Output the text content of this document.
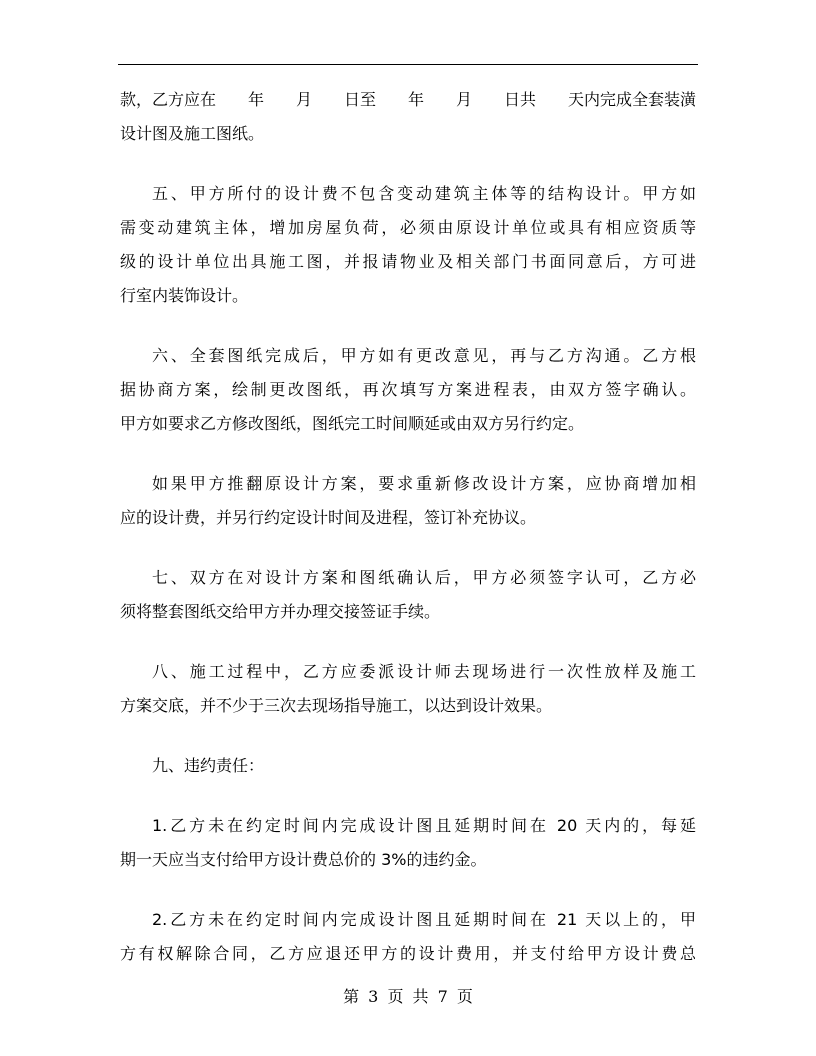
款，乙方应在　　年　　月　　日至　　年　　月　　日共　　天内完成全套装潢
设计图及施工图纸。
五、甲方所付的设计费不包含变动建筑主体等的结构设计。甲方如
需变动建筑主体，增加房屋负荷，必须由原设计单位或具有相应资质等
级的设计单位出具施工图，并报请物业及相关部门书面同意后，方可进
行室内装饰设计。
六、全套图纸完成后，甲方如有更改意见，再与乙方沟通。乙方根
据协商方案，绘制更改图纸，再次填写方案进程表，由双方签字确认。
甲方如要求乙方修改图纸，图纸完工时间顺延或由双方另行约定。
如果甲方推翻原设计方案，要求重新修改设计方案，应协商增加相
应的设计费，并另行约定设计时间及进程，签订补充协议。
七、双方在对设计方案和图纸确认后，甲方必须签字认可，乙方必
须将整套图纸交给甲方并办理交接签证手续。
八、施工过程中，乙方应委派设计师去现场进行一次性放样及施工
方案交底，并不少于三次去现场指导施工，以达到设计效果。
九、违约责任：
1.乙方未在约定时间内完成设计图且延期时间在 20 天内的，每延
期一天应当支付给甲方设计费总价的 3%的违约金。
2.乙方未在约定时间内完成设计图且延期时间在 21 天以上的，甲
方有权解除合同，乙方应退还甲方的设计费用，并支付给甲方设计费总
第 3 页 共 7 页
